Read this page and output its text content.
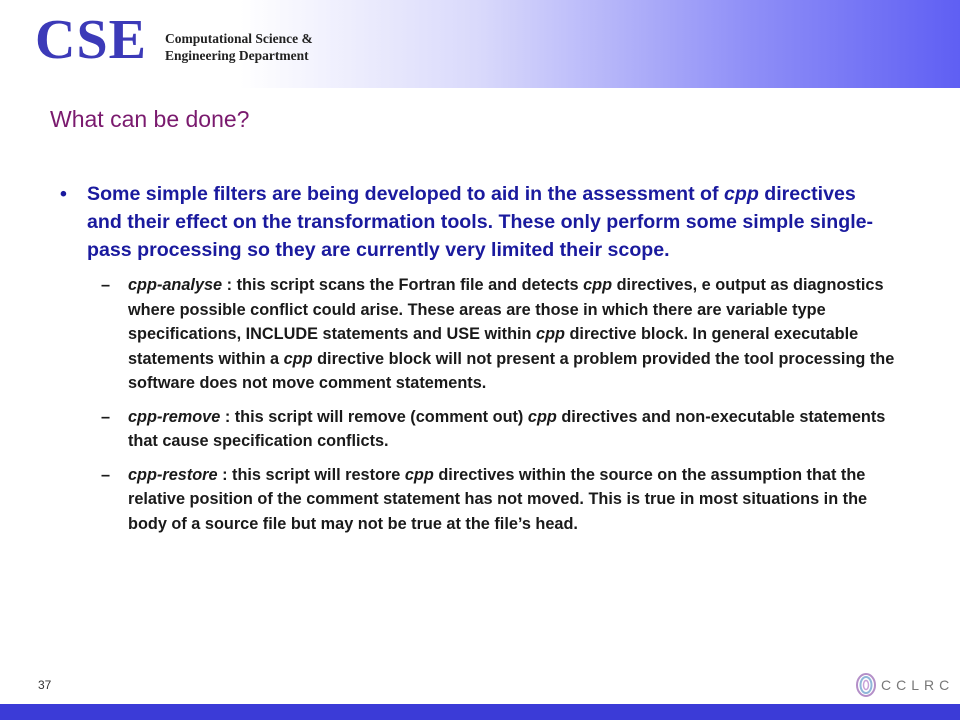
CSE Computational Science &
Engineering Department
What can be done?
•	Some simple filters are being developed to aid in the assessment of cpp directives and their effect on the transformation tools. These only perform some simple single-pass processing so they are currently very limited their scope.
–	cpp-analyse : this script scans the Fortran file and detects cpp directives, e output as diagnostics where possible conflict could arise. These areas are those in which there are variable type specifications, INCLUDE statements and USE within cpp directive block. In general executable statements within a cpp directive block will not present a problem provided the tool processing the software does not move comment statements.
–	cpp-remove : this script will remove (comment out) cpp directives and non-executable statements that cause specification conflicts.
–	cpp-restore : this script will restore cpp directives within the source on the assumption that the relative position of the comment statement has not moved. This is true in most situations in the body of a source file but may not be true at the file’s head.
37	CCLRC
